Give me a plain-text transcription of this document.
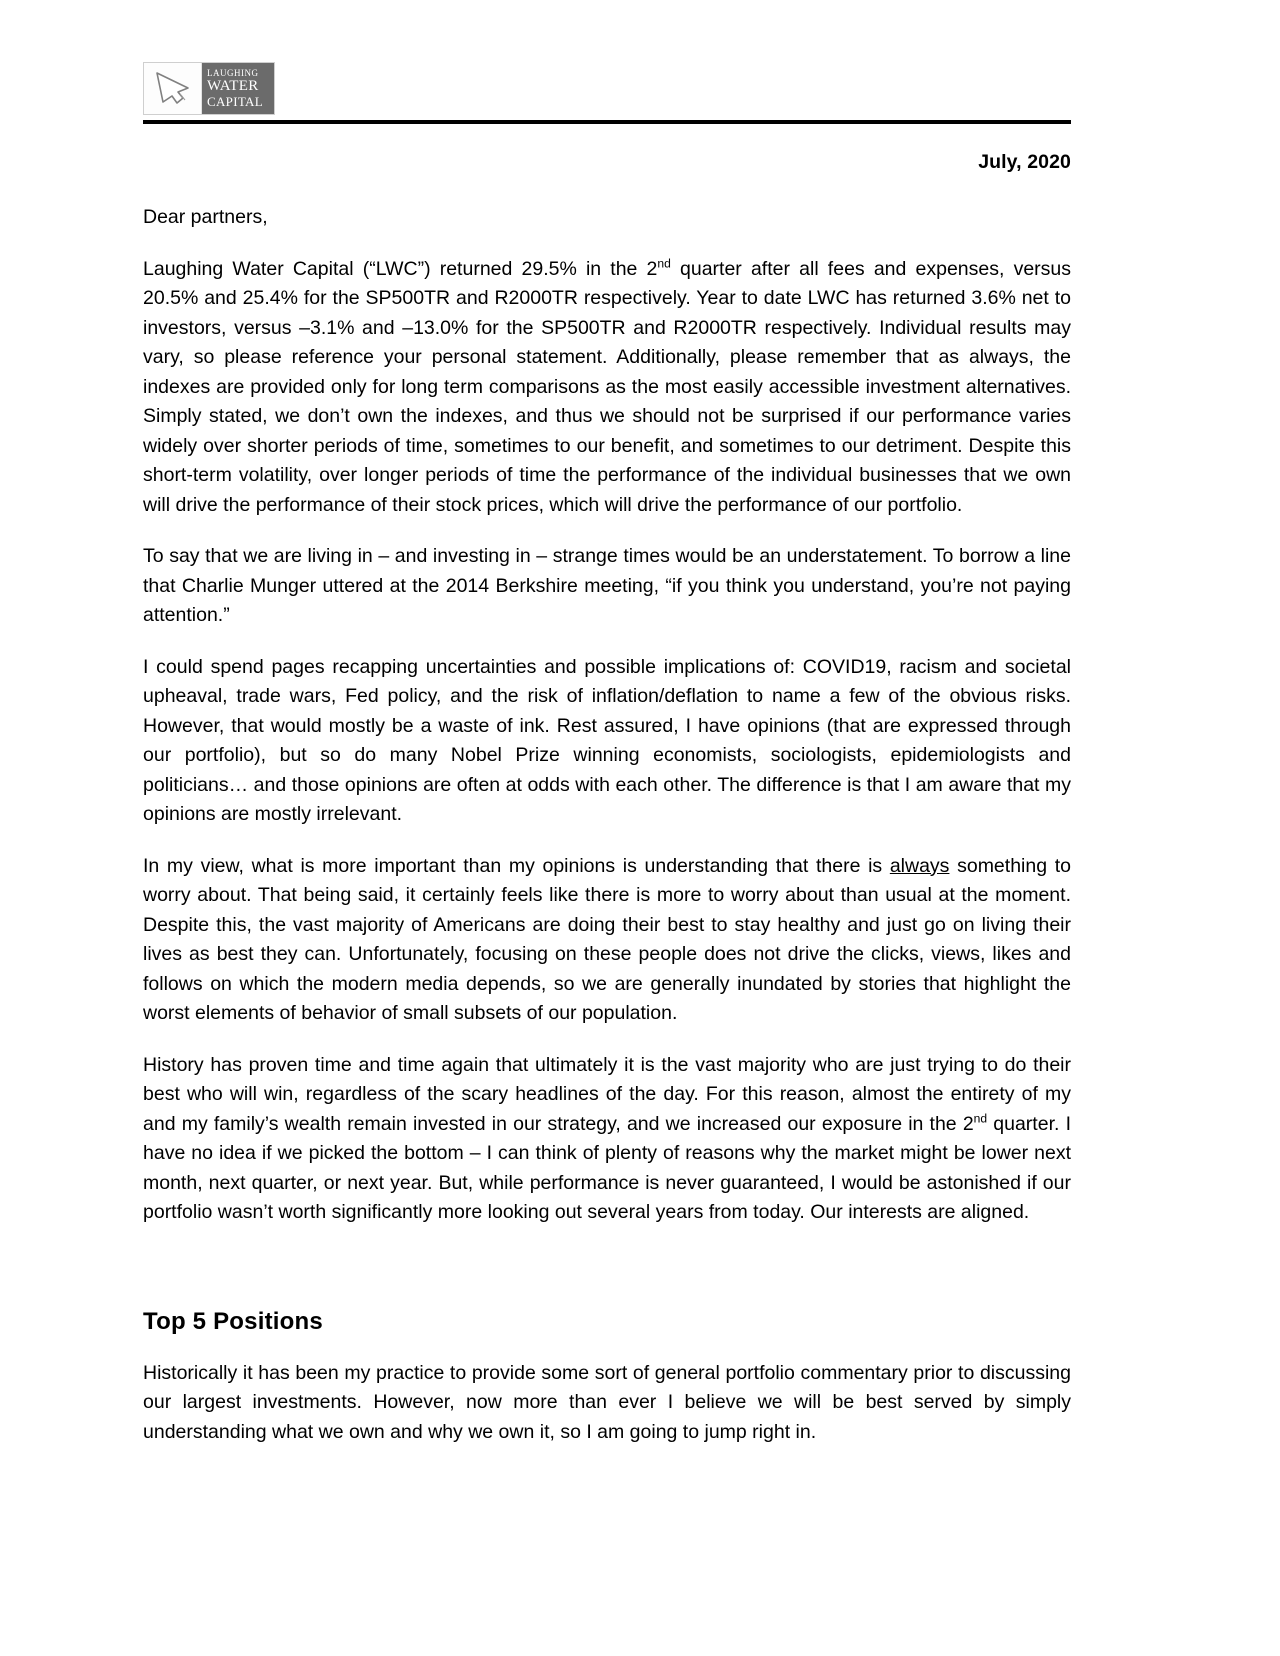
LAUGHING
WATER
CAPITAL
July, 2020
Dear partners,

Laughing Water Capital (“LWC”) returned 29.5% in the 2nd quarter after all fees and expenses, versus 20.5% and 25.4% for the SP500TR and R2000TR respectively. Year to date LWC has returned 3.6% net to investors, versus –3.1% and –13.0% for the SP500TR and R2000TR respectively. Individual results may vary, so please reference your personal statement. Additionally, please remember that as always, the indexes are provided only for long term comparisons as the most easily accessible investment alternatives. Simply stated, we don’t own the indexes, and thus we should not be surprised if our performance varies widely over shorter periods of time, sometimes to our benefit, and sometimes to our detriment. Despite this short-term volatility, over longer periods of time the performance of the individual businesses that we own will drive the performance of their stock prices, which will drive the performance of our portfolio.

To say that we are living in – and investing in – strange times would be an understatement. To borrow a line that Charlie Munger uttered at the 2014 Berkshire meeting, “if you think you understand, you’re not paying attention.”

I could spend pages recapping uncertainties and possible implications of: COVID19, racism and societal upheaval, trade wars, Fed policy, and the risk of inflation/deflation to name a few of the obvious risks. However, that would mostly be a waste of ink. Rest assured, I have opinions (that are expressed through our portfolio), but so do many Nobel Prize winning economists, sociologists, epidemiologists and politicians… and those opinions are often at odds with each other. The difference is that I am aware that my opinions are mostly irrelevant.

In my view, what is more important than my opinions is understanding that there is always something to worry about. That being said, it certainly feels like there is more to worry about than usual at the moment. Despite this, the vast majority of Americans are doing their best to stay healthy and just go on living their lives as best they can. Unfortunately, focusing on these people does not drive the clicks, views, likes and follows on which the modern media depends, so we are generally inundated by stories that highlight the worst elements of behavior of small subsets of our population.

History has proven time and time again that ultimately it is the vast majority who are just trying to do their best who will win, regardless of the scary headlines of the day. For this reason, almost the entirety of my and my family’s wealth remain invested in our strategy, and we increased our exposure in the 2nd quarter. I have no idea if we picked the bottom – I can think of plenty of reasons why the market might be lower next month, next quarter, or next year. But, while performance is never guaranteed, I would be astonished if our portfolio wasn’t worth significantly more looking out several years from today. Our interests are aligned.

Top 5 Positions

Historically it has been my practice to provide some sort of general portfolio commentary prior to discussing our largest investments. However, now more than ever I believe we will be best served by simply understanding what we own and why we own it, so I am going to jump right in.
